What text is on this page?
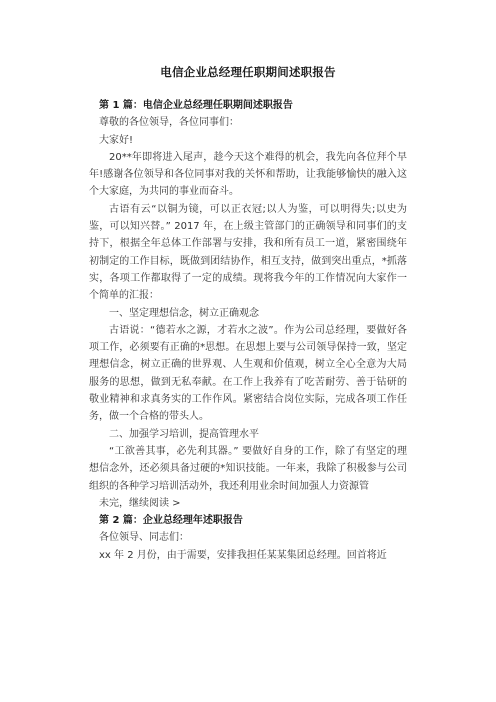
电信企业总经理任职期间述职报告

第 1 篇：电信企业总经理任职期间述职报告

尊敬的各位领导，各位同事们：

大家好!

20**年即将进入尾声，趁今天这个难得的机会，我先向各位拜个早年!感谢各位领导和各位同事对我的关怀和帮助，让我能够愉快的融入这个大家庭，为共同的事业而奋斗。

古语有云“以铜为镜，可以正衣冠;以人为鉴，可以明得失;以史为鉴，可以知兴替。” 2017 年，在上级主管部门的正确领导和同事们的支持下，根据全年总体工作部署与安排，我和所有员工一道，紧密围绕年初制定的工作目标，既做到团结协作，相互支持，做到突出重点，*抓落实，各项工作都取得了一定的成绩。现将我今年的工作情况向大家作一个简单的汇报：

一、坚定理想信念，树立正确观念

古语说：“德若水之源，才若水之波”。作为公司总经理，要做好各项工作，必须要有正确的*思想。在思想上要与公司领导保持一致，坚定理想信念，树立正确的世界观、人生观和价值观，树立全心全意为大局服务的思想，做到无私奉献。在工作上我养有了吃苦耐劳、善于钻研的敬业精神和求真务实的工作作风。紧密结合岗位实际，完成各项工作任务，做一个合格的带头人。

二、加强学习培训，提高管理水平

“工欲善其事，必先利其器。” 要做好自身的工作，除了有坚定的理想信念外，还必须具备过硬的*知识技能。一年来，我除了积极参与公司组织的各种学习培训活动外，我还利用业余时间加强人力资源管

未完，继续阅读 >

第 2 篇：企业总经理年述职报告

各位领导、同志们：

xx 年 2 月份，由于需要，安排我担任某某集团总经理。回首将近
